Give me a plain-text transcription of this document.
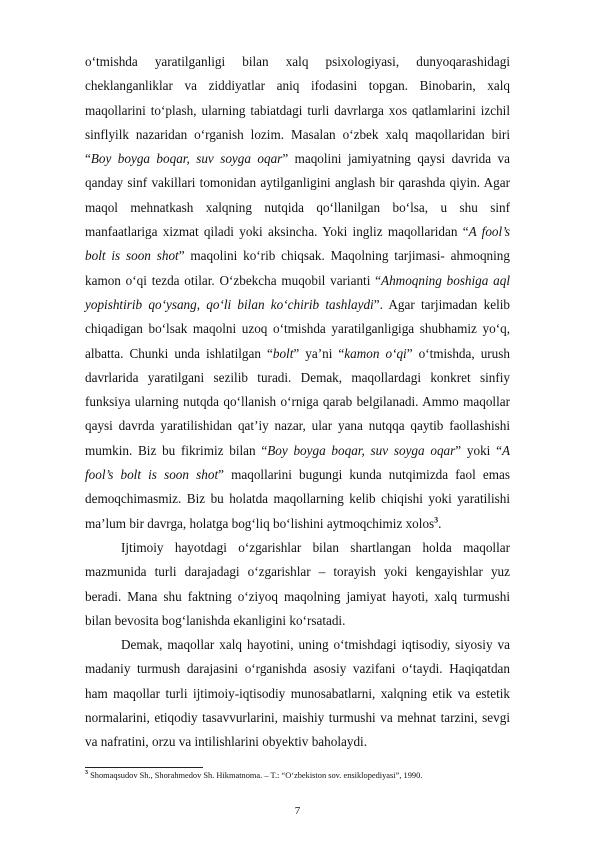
o‘tmishda yaratilganligi bilan xalq psixologiyasi, dunyoqarashidagi cheklanganliklar va ziddiyatlar aniq ifodasini topgan. Binobarin, xalq maqollarini to‘plash, ularning tabiatdagi turli davrlarga xos qatlamlarini izchil sinflyilk nazaridan o‘rganish lozim. Masalan o‘zbek xalq maqollaridan biri “Boy boyga boqar, suv soyga oqar” maqolini jamiyatning qaysi davrida va qanday sinf vakillari tomonidan aytilganligini anglash bir qarashda qiyin. Agar maqol mehnatkash xalqning nutqida qo‘llanilgan bo‘lsa, u shu sinf manfaatlariga xizmat qiladi yoki aksincha. Yoki ingliz maqollaridan “A fool’s bolt is soon shot” maqolini ko‘rib chiqsak. Maqolning tarjimasi- ahmoqning kamon o‘qi tezda otilar. O‘zbekcha muqobil varianti “Ahmoqning boshiga aql yopishtirib qo‘ysang, qo‘li bilan ko‘chirib tashlaydi”. Agar tarjimadan kelib chiqadigan bo‘lsak maqolni uzoq o‘tmishda yaratilganligiga shubhamiz yo‘q, albatta. Chunki unda ishlatilgan “bolt” ya’ni “kamon o‘qi” o‘tmishda, urush davrlarida yaratilgani sezilib turadi. Demak, maqollardagi konkret sinfiy funksiya ularning nutqda qo‘llanish o‘rniga qarab belgilanadi. Ammo maqollar qaysi davrda yaratilishidan qat’iy nazar, ular yana nutqqa qaytib faollashishi mumkin. Biz bu fikrimiz bilan “Boy boyga boqar, suv soyga oqar” yoki “A fool’s bolt is soon shot” maqollarini bugungi kunda nutqimizda faol emas demoqchimasmiz. Biz bu holatda maqollarning kelib chiqishi yoki yaratilishi ma’lum bir davrga, holatga bog‘liq bo‘lishini aytmoqchimiz xolos$^3$.

Ijtimoiy hayotdagi o‘zgarishlar bilan shartlangan holda maqollar mazmunida turli darajadagi o‘zgarishlar – torayish yoki kengayishlar yuz beradi. Mana shu faktning o‘ziyoq maqolning jamiyat hayoti, xalq turmushi bilan bevosita bog‘lanishda ekanligini ko‘rsatadi.

Demak, maqollar xalq hayotini, uning o‘tmishdagi iqtisodiy, siyosiy va madaniy turmush darajasini o‘rganishda asosiy vazifani o‘taydi. Haqiqatdan ham maqollar turli ijtimoiy-iqtisodiy munosabatlarni, xalqning etik va estetik normalarini, etiqodiy tasavvurlarini, maishiy turmushi va mehnat tarzini, sevgi va nafratini, orzu va intilishlarini obyektiv baholaydi.

$^3$ Shomaqsudov Sh., Shorahmedov Sh. Hikmatnoma. – T.: “O‘zbekiston sov. ensiklopediyasi”, 1990.
7
